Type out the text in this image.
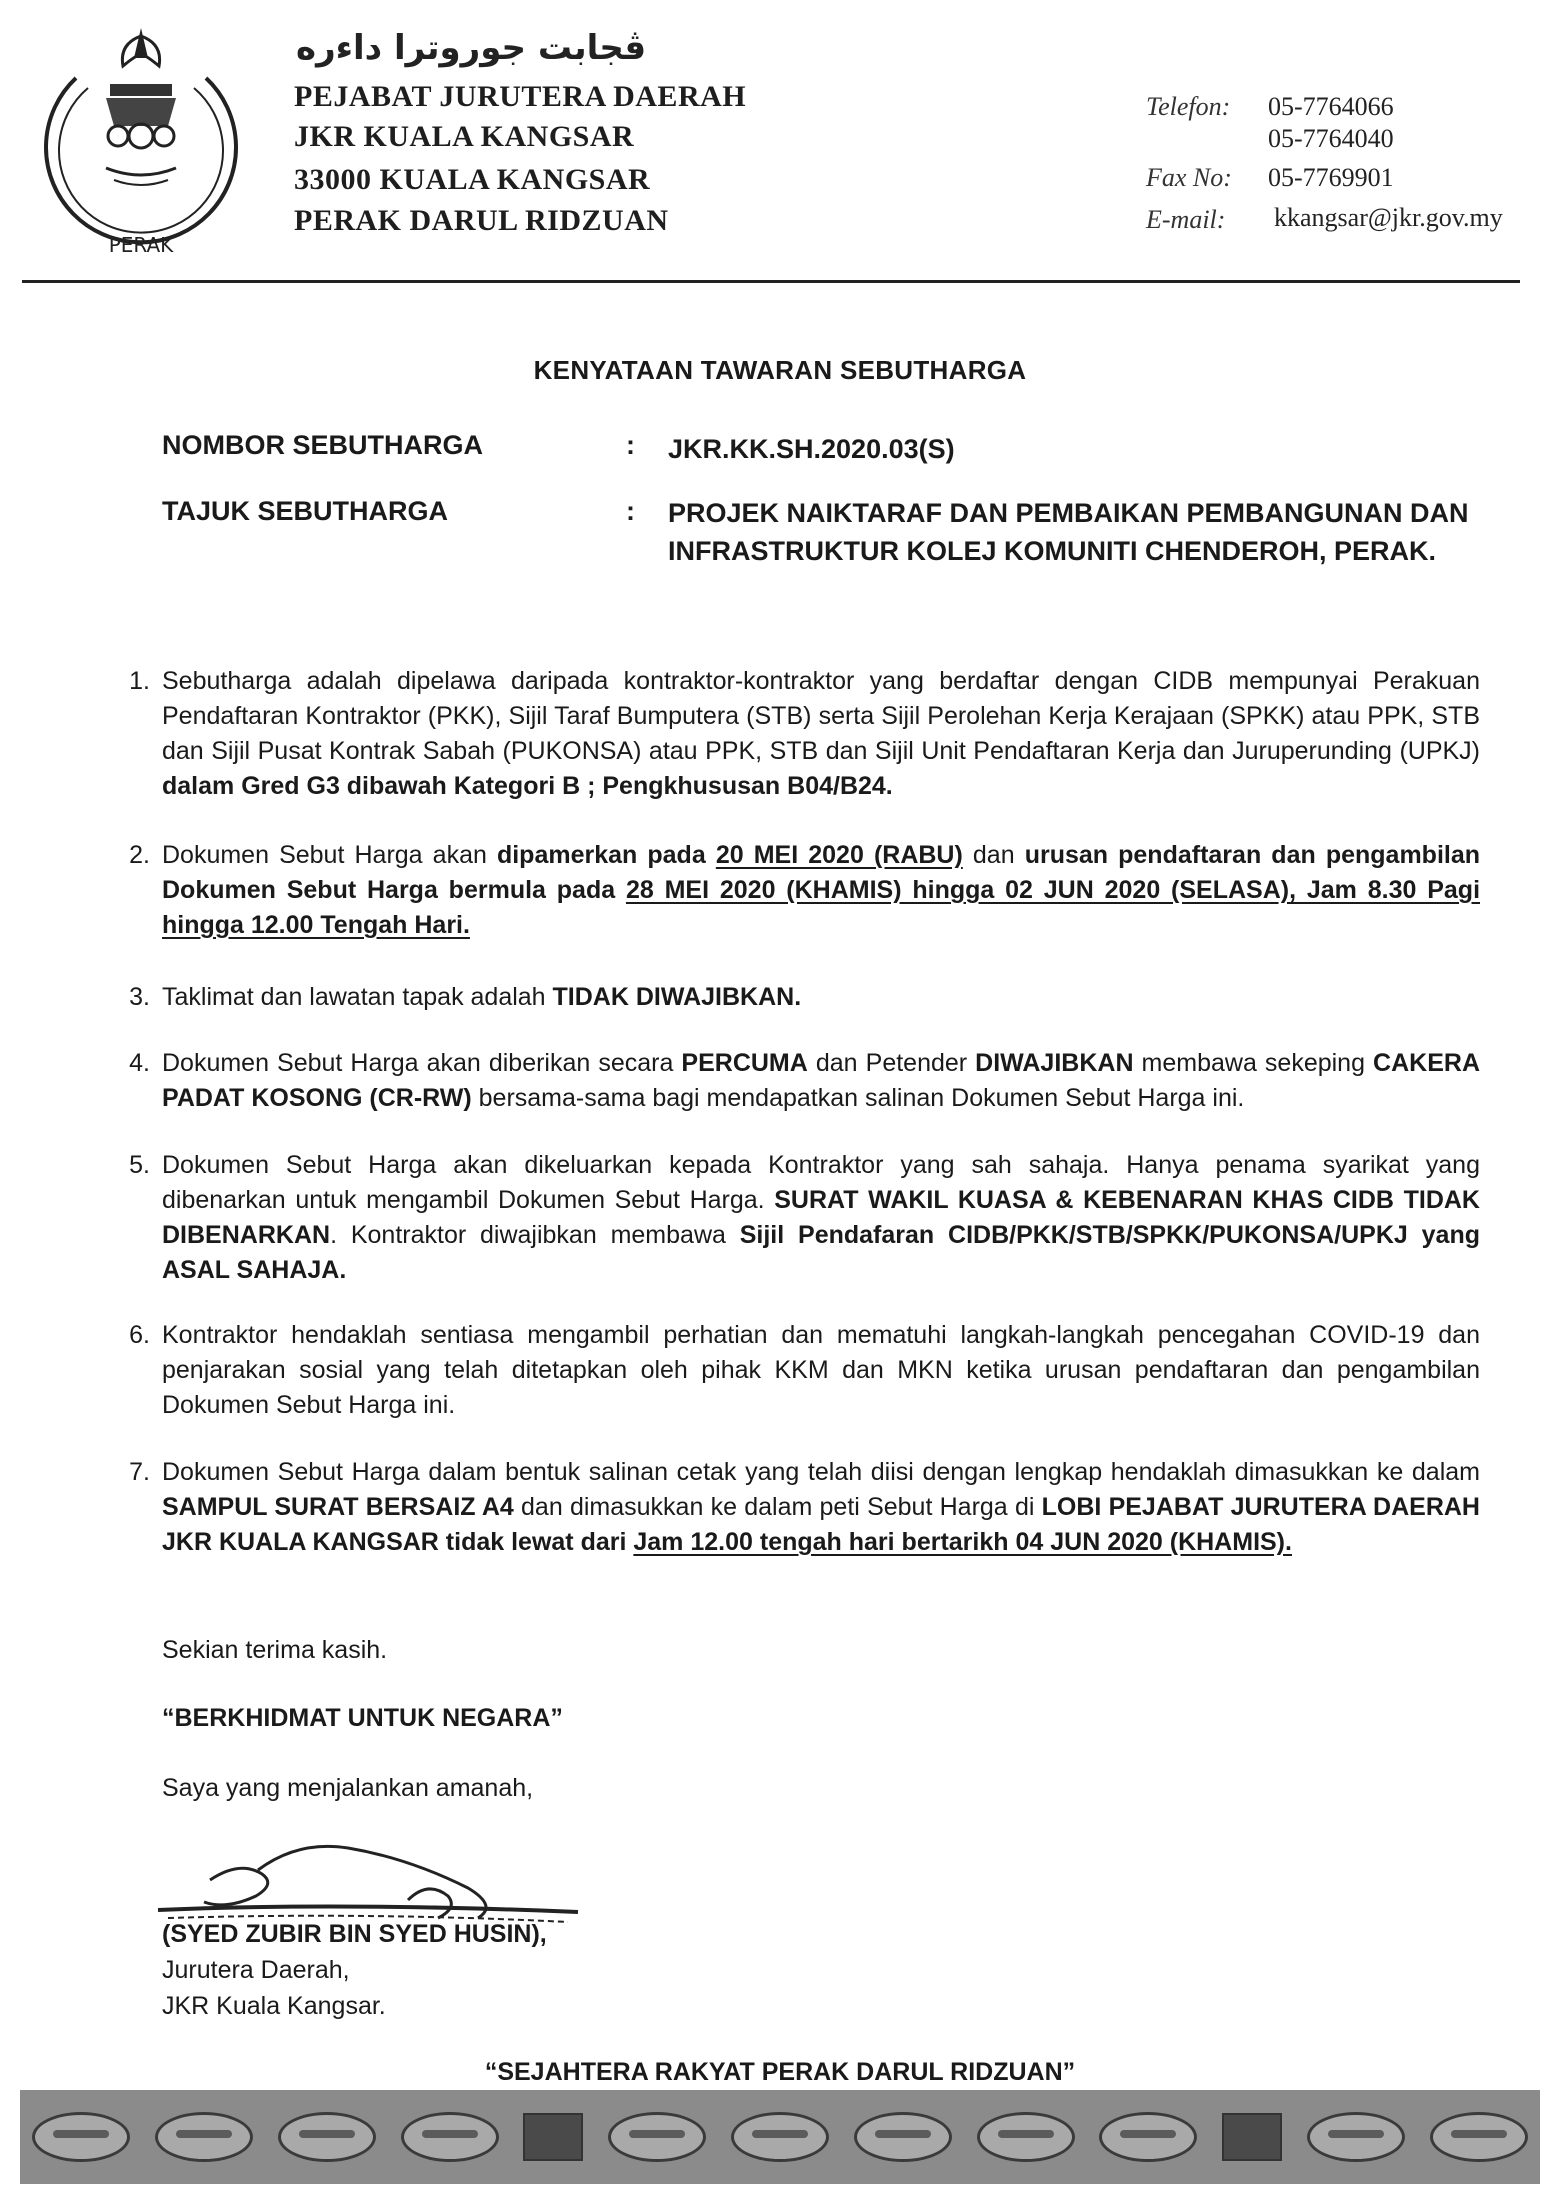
PERAK
ڤجابت جوروترا داءره
PEJABAT JURUTERA DAERAH
JKR KUALA KANGSAR
33000 KUALA KANGSAR
PERAK DARUL RIDZUAN
Telefon: 05-7764066
05-7764040
Fax No: 05-7769901
E-mail: kkangsar@jkr.gov.my
KENYATAAN TAWARAN SEBUTHARGA
NOMBOR SEBUTHARGA	: JKR.KK.SH.2020.03(S)
TAJUK SEBUTHARGA	: PROJEK NAIKTARAF DAN PEMBAIKAN PEMBANGUNAN DAN INFRASTRUKTUR KOLEJ KOMUNITI CHENDEROH, PERAK.
1. Sebutharga adalah dipelawa daripada kontraktor-kontraktor yang berdaftar dengan CIDB mempunyai Perakuan Pendaftaran Kontraktor (PKK), Sijil Taraf Bumputera (STB) serta Sijil Perolehan Kerja Kerajaan (SPKK) atau PPK, STB dan Sijil Pusat Kontrak Sabah (PUKONSA) atau PPK, STB dan Sijil Unit Pendaftaran Kerja dan Juruperunding (UPKJ) dalam Gred G3 dibawah Kategori B ; Pengkhususan B04/B24.
2. Dokumen Sebut Harga akan dipamerkan pada 20 MEI 2020 (RABU) dan urusan pendaftaran dan pengambilan Dokumen Sebut Harga bermula pada 28 MEI 2020 (KHAMIS) hingga 02 JUN 2020 (SELASA), Jam 8.30 Pagi hingga 12.00 Tengah Hari.
3. Taklimat dan lawatan tapak adalah TIDAK DIWAJIBKAN.
4. Dokumen Sebut Harga akan diberikan secara PERCUMA dan Petender DIWAJIBKAN membawa sekeping CAKERA PADAT KOSONG (CR-RW) bersama-sama bagi mendapatkan salinan Dokumen Sebut Harga ini.
5. Dokumen Sebut Harga akan dikeluarkan kepada Kontraktor yang sah sahaja. Hanya penama syarikat yang dibenarkan untuk mengambil Dokumen Sebut Harga. SURAT WAKIL KUASA & KEBENARAN KHAS CIDB TIDAK DIBENARKAN. Kontraktor diwajibkan membawa Sijil Pendafaran CIDB/PKK/STB/SPKK/PUKONSA/UPKJ yang ASAL SAHAJA.
6. Kontraktor hendaklah sentiasa mengambil perhatian dan mematuhi langkah-langkah pencegahan COVID-19 dan penjarakan sosial yang telah ditetapkan oleh pihak KKM dan MKN ketika urusan pendaftaran dan pengambilan Dokumen Sebut Harga ini.
7. Dokumen Sebut Harga dalam bentuk salinan cetak yang telah diisi dengan lengkap hendaklah dimasukkan ke dalam SAMPUL SURAT BERSAIZ A4 dan dimasukkan ke dalam peti Sebut Harga di LOBI PEJABAT JURUTERA DAERAH JKR KUALA KANGSAR tidak lewat dari Jam 12.00 tengah hari bertarikh 04 JUN 2020 (KHAMIS).
Sekian terima kasih.
“BERKHIDMAT UNTUK NEGARA”
Saya yang menjalankan amanah,
(SYED ZUBIR BIN SYED HUSIN),
Jurutera Daerah,
JKR Kuala Kangsar.
“SEJAHTERA RAKYAT PERAK DARUL RIDZUAN”
